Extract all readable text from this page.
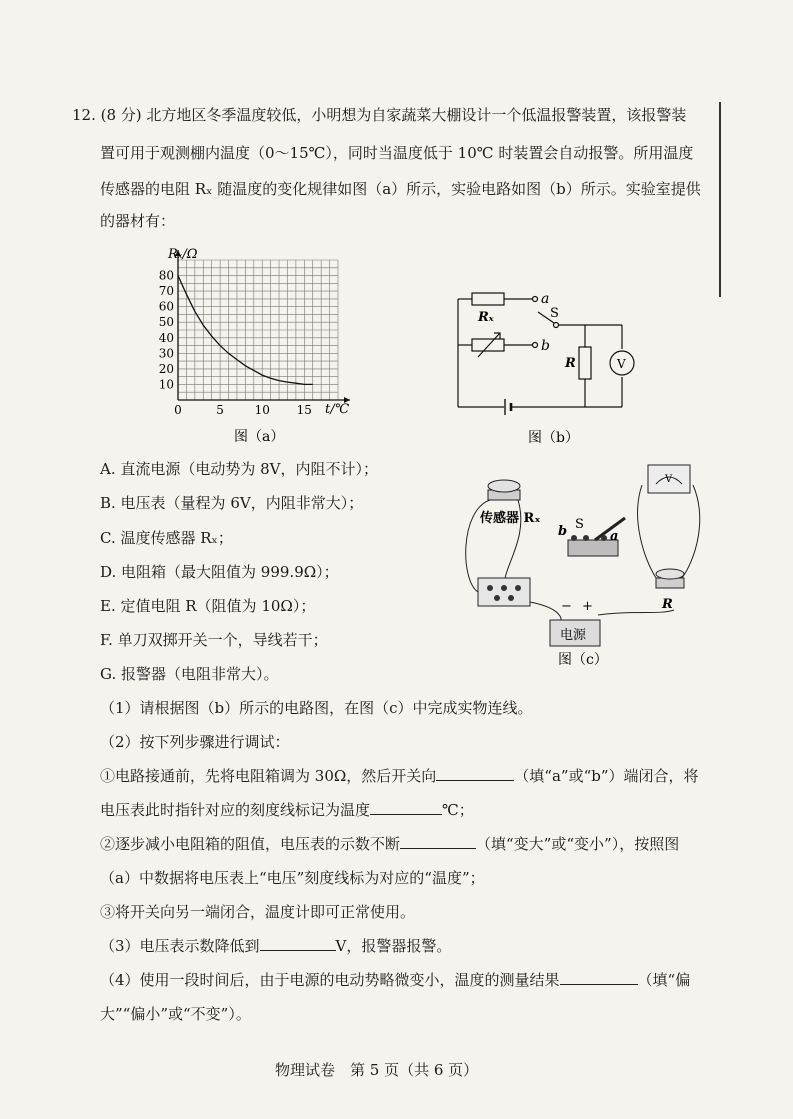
12. (8 分) 北方地区冬季温度较低，小明想为自家蔬菜大棚设计一个低温报警装置，该报警装
置可用于观测棚内温度（0～15℃），同时当温度低于 10℃ 时装置会自动报警。所用温度
传感器的电阻 Rₓ 随温度的变化规律如图（a）所示，实验电路如图（b）所示。实验室提供
的器材有：
10
20
30
40
50
60
70
80
0	5	10 15
Rₓ/Ω
t/℃
图（a）
a
b
S
Rₓ
R	V
图（b）
传感器 Rₓ
b S
a
− +
电源
V
R
图（c）
A. 直流电源（电动势为 8V，内阻不计）；
B. 电压表（量程为 6V，内阻非常大）；
C. 温度传感器 Rₓ；
D. 电阻箱（最大阻值为 999.9Ω）；
E. 定值电阻 R（阻值为 10Ω）；
F. 单刀双掷开关一个，导线若干；
G. 报警器（电阻非常大）。
（1）请根据图（b）所示的电路图，在图（c）中完成实物连线。
（2）按下列步骤进行调试：
①电路接通前，先将电阻箱调为 30Ω，然后开关向	（填“a”或“b”）端闭合，将
电压表此时指针对应的刻度线标记为温度	℃；
②逐步减小电阻箱的阻值，电压表的示数不断	（填“变大”或“变小”），按照图
（a）中数据将电压表上“电压”刻度线标为对应的“温度”；
③将开关向另一端闭合，温度计即可正常使用。
（3）电压表示数降低到	V，报警器报警。
（4）使用一段时间后，由于电源的电动势略微变小，温度的测量结果	（填“偏
大”“偏小”或“不变”）。
物理试卷　第 5 页（共 6 页）
